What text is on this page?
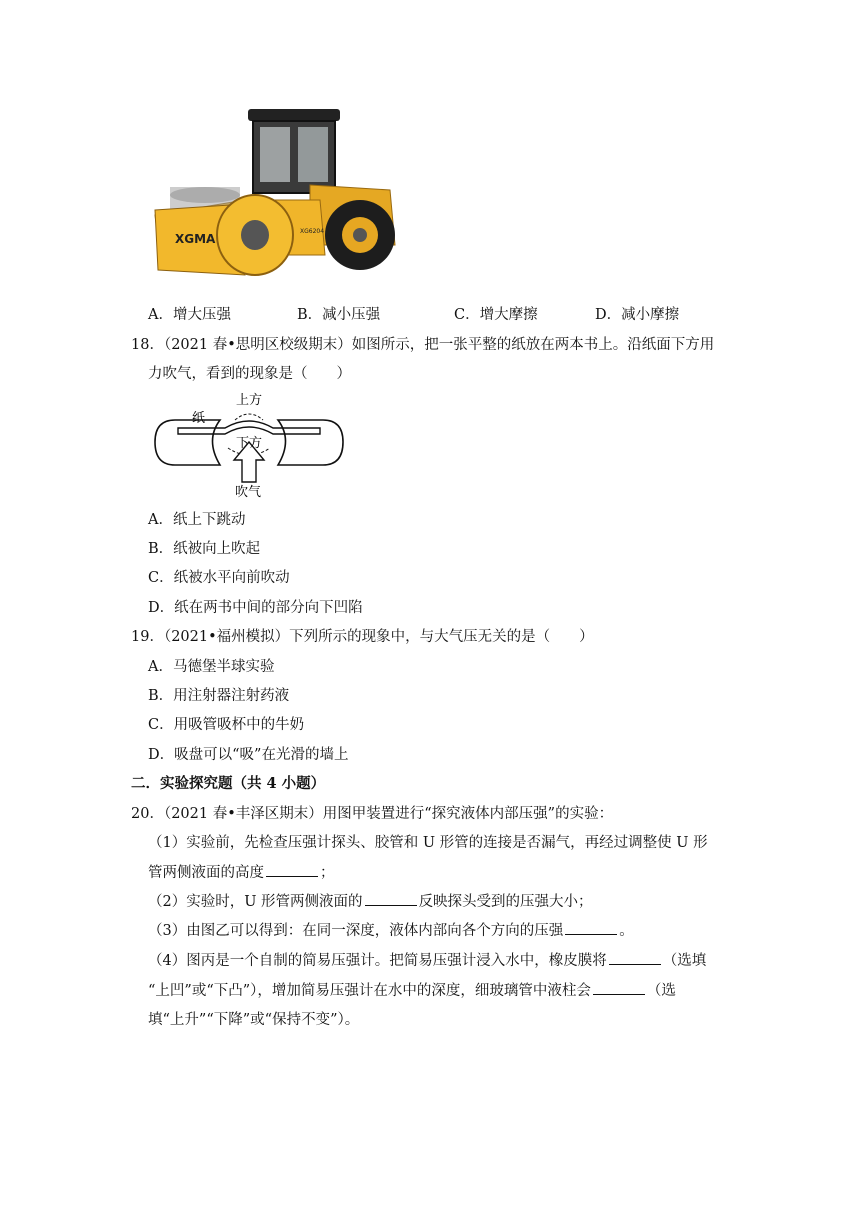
XGMA
XG6204
A．增大压强	B．减小压强	C．增大摩擦	D．减小摩擦
18．（2021 春•思明区校级期末）如图所示，把一张平整的纸放在两本书上。沿纸面下方用
力吹气，看到的现象是（　　）
纸
上方
下方
吹气
A．纸上下跳动
B．纸被向上吹起
C．纸被水平向前吹动
D．纸在两书中间的部分向下凹陷
19．（2021•福州模拟）下列所示的现象中，与大气压无关的是（　　）
A．马德堡半球实验
B．用注射器注射药液
C．用吸管吸杯中的牛奶
D．吸盘可以“吸”在光滑的墙上
二．实验探究题（共 4 小题）
20．（2021 春•丰泽区期末）用图甲装置进行“探究液体内部压强”的实验：
（1）实验前，先检查压强计探头、胶管和 U 形管的连接是否漏气，再经过调整使 U 形
管两侧液面的高度	；
（2）实验时，U 形管两侧液面的	反映探头受到的压强大小；
（3）由图乙可以得到：在同一深度，液体内部向各个方向的压强	。
（4）图丙是一个自制的简易压强计。把简易压强计浸入水中，橡皮膜将	（选填
“上凹”或“下凸”），增加简易压强计在水中的深度，细玻璃管中液柱会	（选
填“上升”“下降”或“保持不变”）。
